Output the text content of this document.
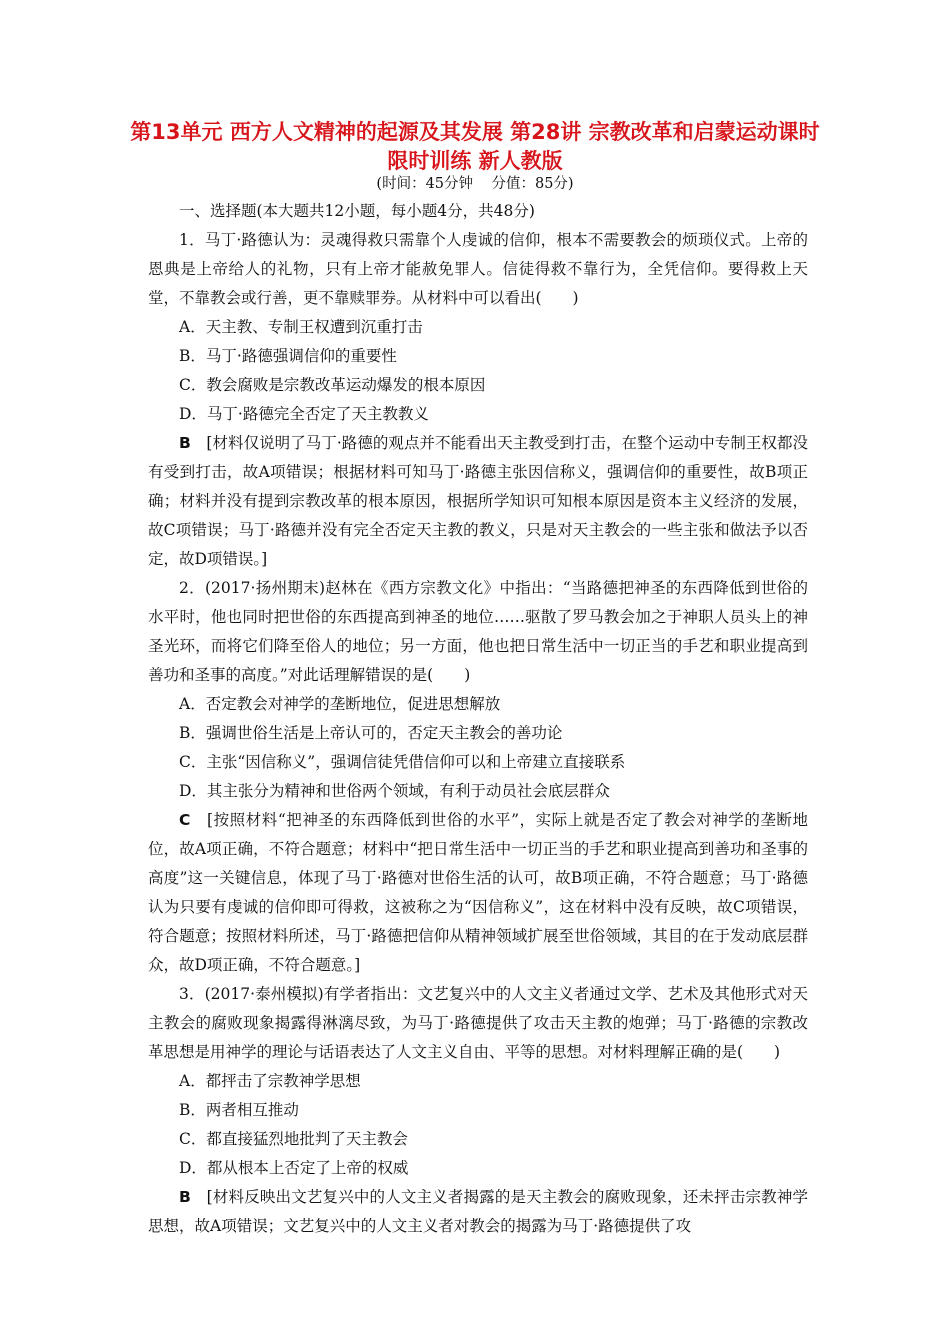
第13单元 西方人文精神的起源及其发展 第28讲 宗教改革和启蒙运动课时限时训练 新人教版
(时间：45分钟    分值：85分)

一、选择题(本大题共12小题，每小题4分，共48分)

1．马丁·路德认为：灵魂得救只需靠个人虔诚的信仰，根本不需要教会的烦琐仪式。上帝的恩典是上帝给人的礼物，只有上帝才能赦免罪人。信徒得救不靠行为，全凭信仰。要得救上天堂，不靠教会或行善，更不靠赎罪券。从材料中可以看出(　　)

A．天主教、专制王权遭到沉重打击

B．马丁·路德强调信仰的重要性

C．教会腐败是宗教改革运动爆发的根本原因

D．马丁·路德完全否定了天主教教义

B　[材料仅说明了马丁·路德的观点并不能看出天主教受到打击，在整个运动中专制王权都没有受到打击，故A项错误；根据材料可知马丁·路德主张因信称义，强调信仰的重要性，故B项正确；材料并没有提到宗教改革的根本原因，根据所学知识可知根本原因是资本主义经济的发展，故C项错误；马丁·路德并没有完全否定天主教的教义，只是对天主教会的一些主张和做法予以否定，故D项错误。]

2．(2017·扬州期末)赵林在《西方宗教文化》中指出：“当路德把神圣的东西降低到世俗的水平时，他也同时把世俗的东西提高到神圣的地位……驱散了罗马教会加之于神职人员头上的神圣光环，而将它们降至俗人的地位；另一方面，他也把日常生活中一切正当的手艺和职业提高到善功和圣事的高度。”对此话理解错误的是(　　)

A．否定教会对神学的垄断地位，促进思想解放

B．强调世俗生活是上帝认可的，否定天主教会的善功论

C．主张“因信称义”，强调信徒凭借信仰可以和上帝建立直接联系

D．其主张分为精神和世俗两个领域，有利于动员社会底层群众

C　[按照材料“把神圣的东西降低到世俗的水平”，实际上就是否定了教会对神学的垄断地位，故A项正确，不符合题意；材料中“把日常生活中一切正当的手艺和职业提高到善功和圣事的高度”这一关键信息，体现了马丁·路德对世俗生活的认可，故B项正确，不符合题意；马丁·路德认为只要有虔诚的信仰即可得救，这被称之为“因信称义”，这在材料中没有反映，故C项错误，符合题意；按照材料所述，马丁·路德把信仰从精神领域扩展至世俗领域，其目的在于发动底层群众，故D项正确，不符合题意。]

3．(2017·泰州模拟)有学者指出：文艺复兴中的人文主义者通过文学、艺术及其他形式对天主教会的腐败现象揭露得淋漓尽致，为马丁·路德提供了攻击天主教的炮弹；马丁·路德的宗教改革思想是用神学的理论与话语表达了人文主义自由、平等的思想。对材料理解正确的是(　　)

A．都抨击了宗教神学思想

B．两者相互推动

C．都直接猛烈地批判了天主教会

D．都从根本上否定了上帝的权威

B　[材料反映出文艺复兴中的人文主义者揭露的是天主教会的腐败现象，还未抨击宗教神学思想，故A项错误；文艺复兴中的人文主义者对教会的揭露为马丁·路德提供了攻
